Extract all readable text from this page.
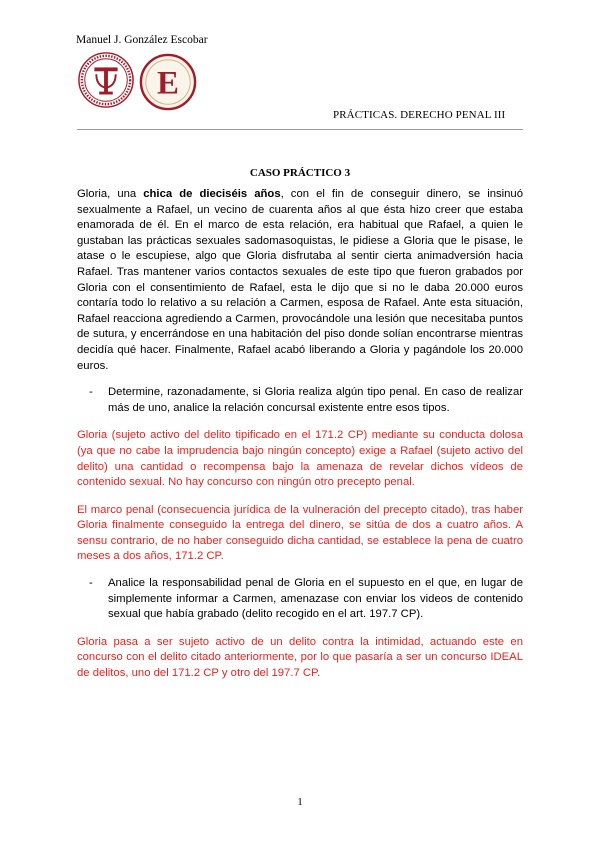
Manuel J. González Escobar
E
PRÁCTICAS. DERECHO PENAL III
CASO PRÁCTICO 3

Gloria, una chica de dieciséis años, con el fin de conseguir dinero, se insinuó sexualmente a Rafael, un vecino de cuarenta años al que ésta hizo creer que estaba enamorada de él. En el marco de esta relación, era habitual que Rafael, a quien le gustaban las prácticas sexuales sadomasoquistas, le pidiese a Gloria que le pisase, le atase o le escupiese, algo que Gloria disfrutaba al sentir cierta animadversión hacia Rafael. Tras mantener varios contactos sexuales de este tipo que fueron grabados por Gloria con el consentimiento de Rafael, esta le dijo que si no le daba 20.000 euros contaría todo lo relativo a su relación a Carmen, esposa de Rafael. Ante esta situación, Rafael reacciona agrediendo a Carmen, provocándole una lesión que necesitaba puntos de sutura, y encerrándose en una habitación del piso donde solían encontrarse mientras decidía qué hacer. Finalmente, Rafael acabó liberando a Gloria y pagándole los 20.000 euros.

- Determine, razonadamente, si Gloria realiza algún tipo penal. En caso de realizar más de uno, analice la relación concursal existente entre esos tipos.

Gloria (sujeto activo del delito tipificado en el 171.2 CP) mediante su conducta dolosa (ya que no cabe la imprudencia bajo ningún concepto) exige a Rafael (sujeto activo del delito) una cantidad o recompensa bajo la amenaza de revelar dichos vídeos de contenido sexual. No hay concurso con ningún otro precepto penal.

El marco penal (consecuencia jurídica de la vulneración del precepto citado), tras haber Gloria finalmente conseguido la entrega del dinero, se sitúa de dos a cuatro años. A sensu contrario, de no haber conseguido dicha cantidad, se establece la pena de cuatro meses a dos años, 171.2 CP.

- Analice la responsabilidad penal de Gloria en el supuesto en el que, en lugar de simplemente informar a Carmen, amenazase con enviar los videos de contenido sexual que había grabado (delito recogido en el art. 197.7 CP).

Gloria pasa a ser sujeto activo de un delito contra la intimidad, actuando este en concurso con el delito citado anteriormente, por lo que pasaría a ser un concurso IDEAL de delitos, uno del 171.2 CP y otro del 197.7 CP.

1
